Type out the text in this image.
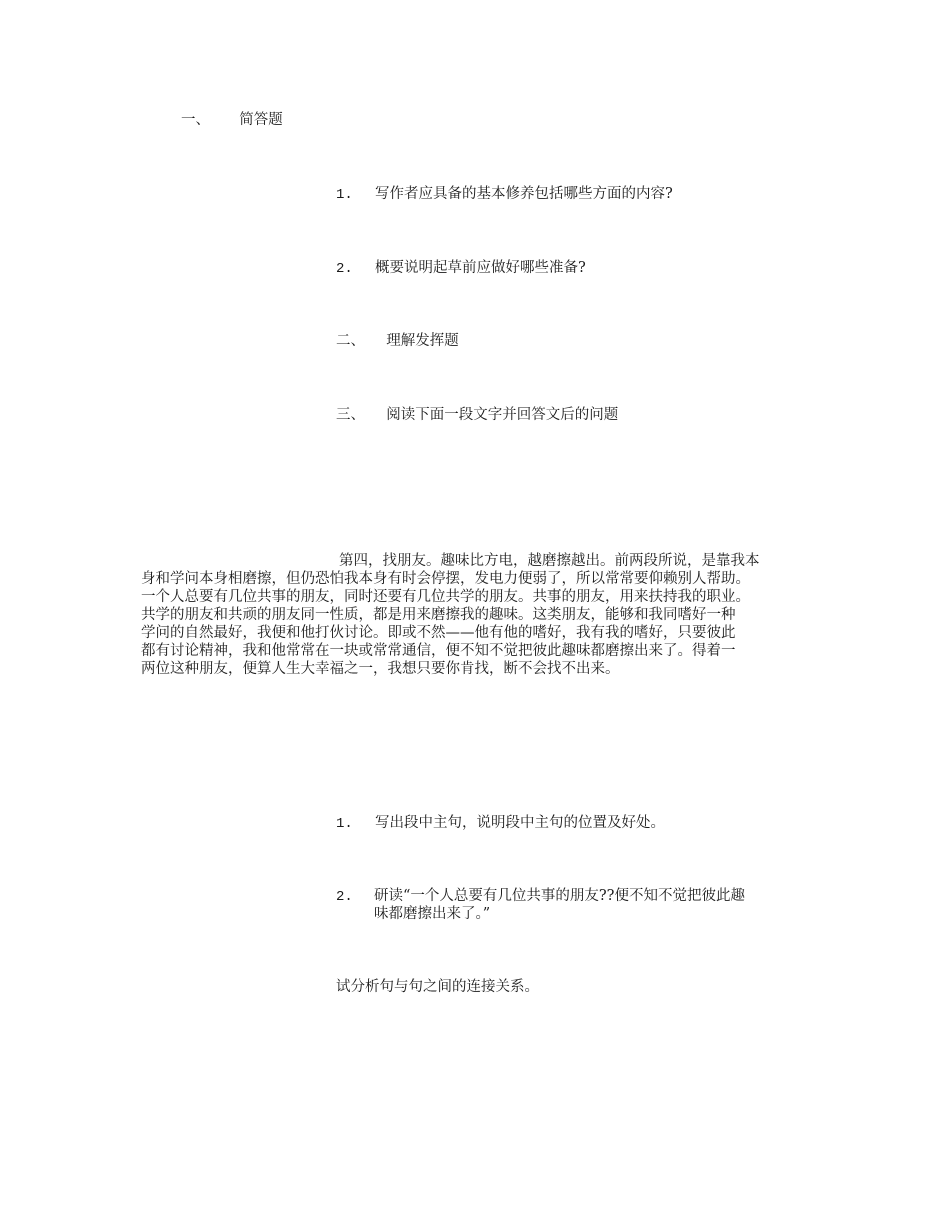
一、 简答题
1. 写作者应具备的基本修养包括哪些方面的内容?
2. 概要说明起草前应做好哪些准备?
二、 理解发挥题
三、 阅读下面一段文字并回答文后的问题
第四，找朋友。趣味比方电，越磨擦越出。前两段所说，是靠我本
身和学问本身相磨擦，但仍恐怕我本身有时会停摆，发电力便弱了，所以常常要仰赖别人帮助。
一个人总要有几位共事的朋友，同时还要有几位共学的朋友。共事的朋友，用来扶持我的职业。
共学的朋友和共顽的朋友同一性质，都是用来磨擦我的趣味。这类朋友，能够和我同嗜好一种
学问的自然最好，我便和他打伙讨论。即或不然——他有他的嗜好，我有我的嗜好，只要彼此
都有讨论精神，我和他常常在一块或常常通信，便不知不觉把彼此趣味都磨擦出来了。得着一
两位这种朋友，便算人生大幸福之一，我想只要你肯找，断不会找不出来。
1. 写出段中主句，说明段中主句的位置及好处。
2. 研读“一个人总要有几位共事的朋友??便不知不觉把彼此趣
味都磨擦出来了。”
试分析句与句之间的连接关系。
